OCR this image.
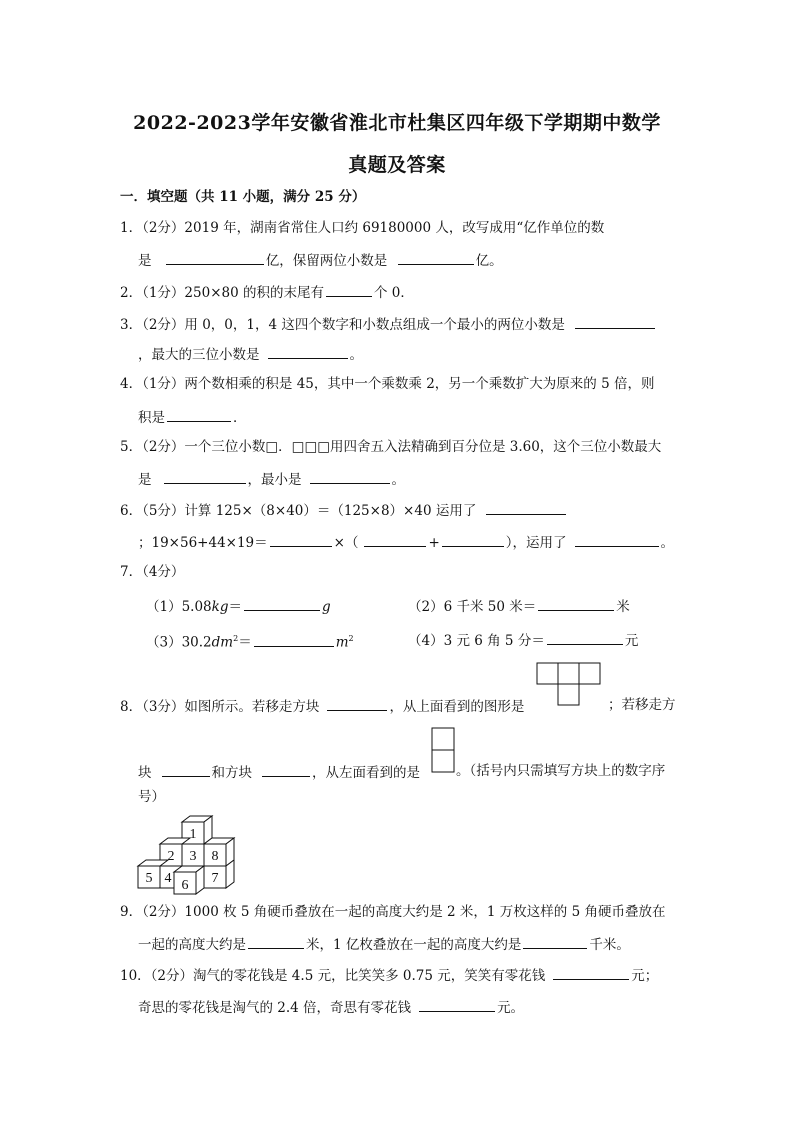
2022-2023学年安徽省淮北市杜集区四年级下学期期中数学
真题及答案
一．填空题（共 11 小题，满分 25 分）
1．（2分）2019 年，湖南省常住人口约 69180000 人，改写成用“亿作单位的数
是	亿，保留两位小数是	亿。
2．（1分）250×80 的积的末尾有	个 0．
3．（2分）用 0，0，1，4 这四个数字和小数点组成一个最小的两位小数是
，最大的三位小数是	。
4．（1分）两个数相乘的积是 45，其中一个乘数乘 2，另一个乘数扩大为原来的 5 倍，则
积是	．
5．（2分）一个三位小数□．□□□用四舍五入法精确到百分位是 3.60，这个三位小数最大
是	，最小是	。
6．（5分）计算 125×（8×40）＝（125×8）×40 运用了
；19×56+44×19＝	×（	+	），运用了	。
7．（4分）
（1）5.08kg＝	g	（2）6 千米 50 米＝	米
$(3)30.2dm^2=$	$m^2$	（4）3 元 6 角 5 分＝	元
8．（3分）如图所示。若移走方块	，从上面看到的图形是	；若移走方
块	和方块	，从左面看到的是	。（括号内只需填写方块上的数字序
号）
1
2 3 8
5 4 6 7
9．（2分）1000 枚 5 角硬币叠放在一起的高度大约是 2 米，1 万枚这样的 5 角硬币叠放在
一起的高度大约是	米，1 亿枚叠放在一起的高度大约是	千米。
10．（2分）淘气的零花钱是 4.5 元，比笑笑多 0.75 元，笑笑有零花钱	元；
奇思的零花钱是淘气的 2.4 倍，奇思有零花钱	元。
